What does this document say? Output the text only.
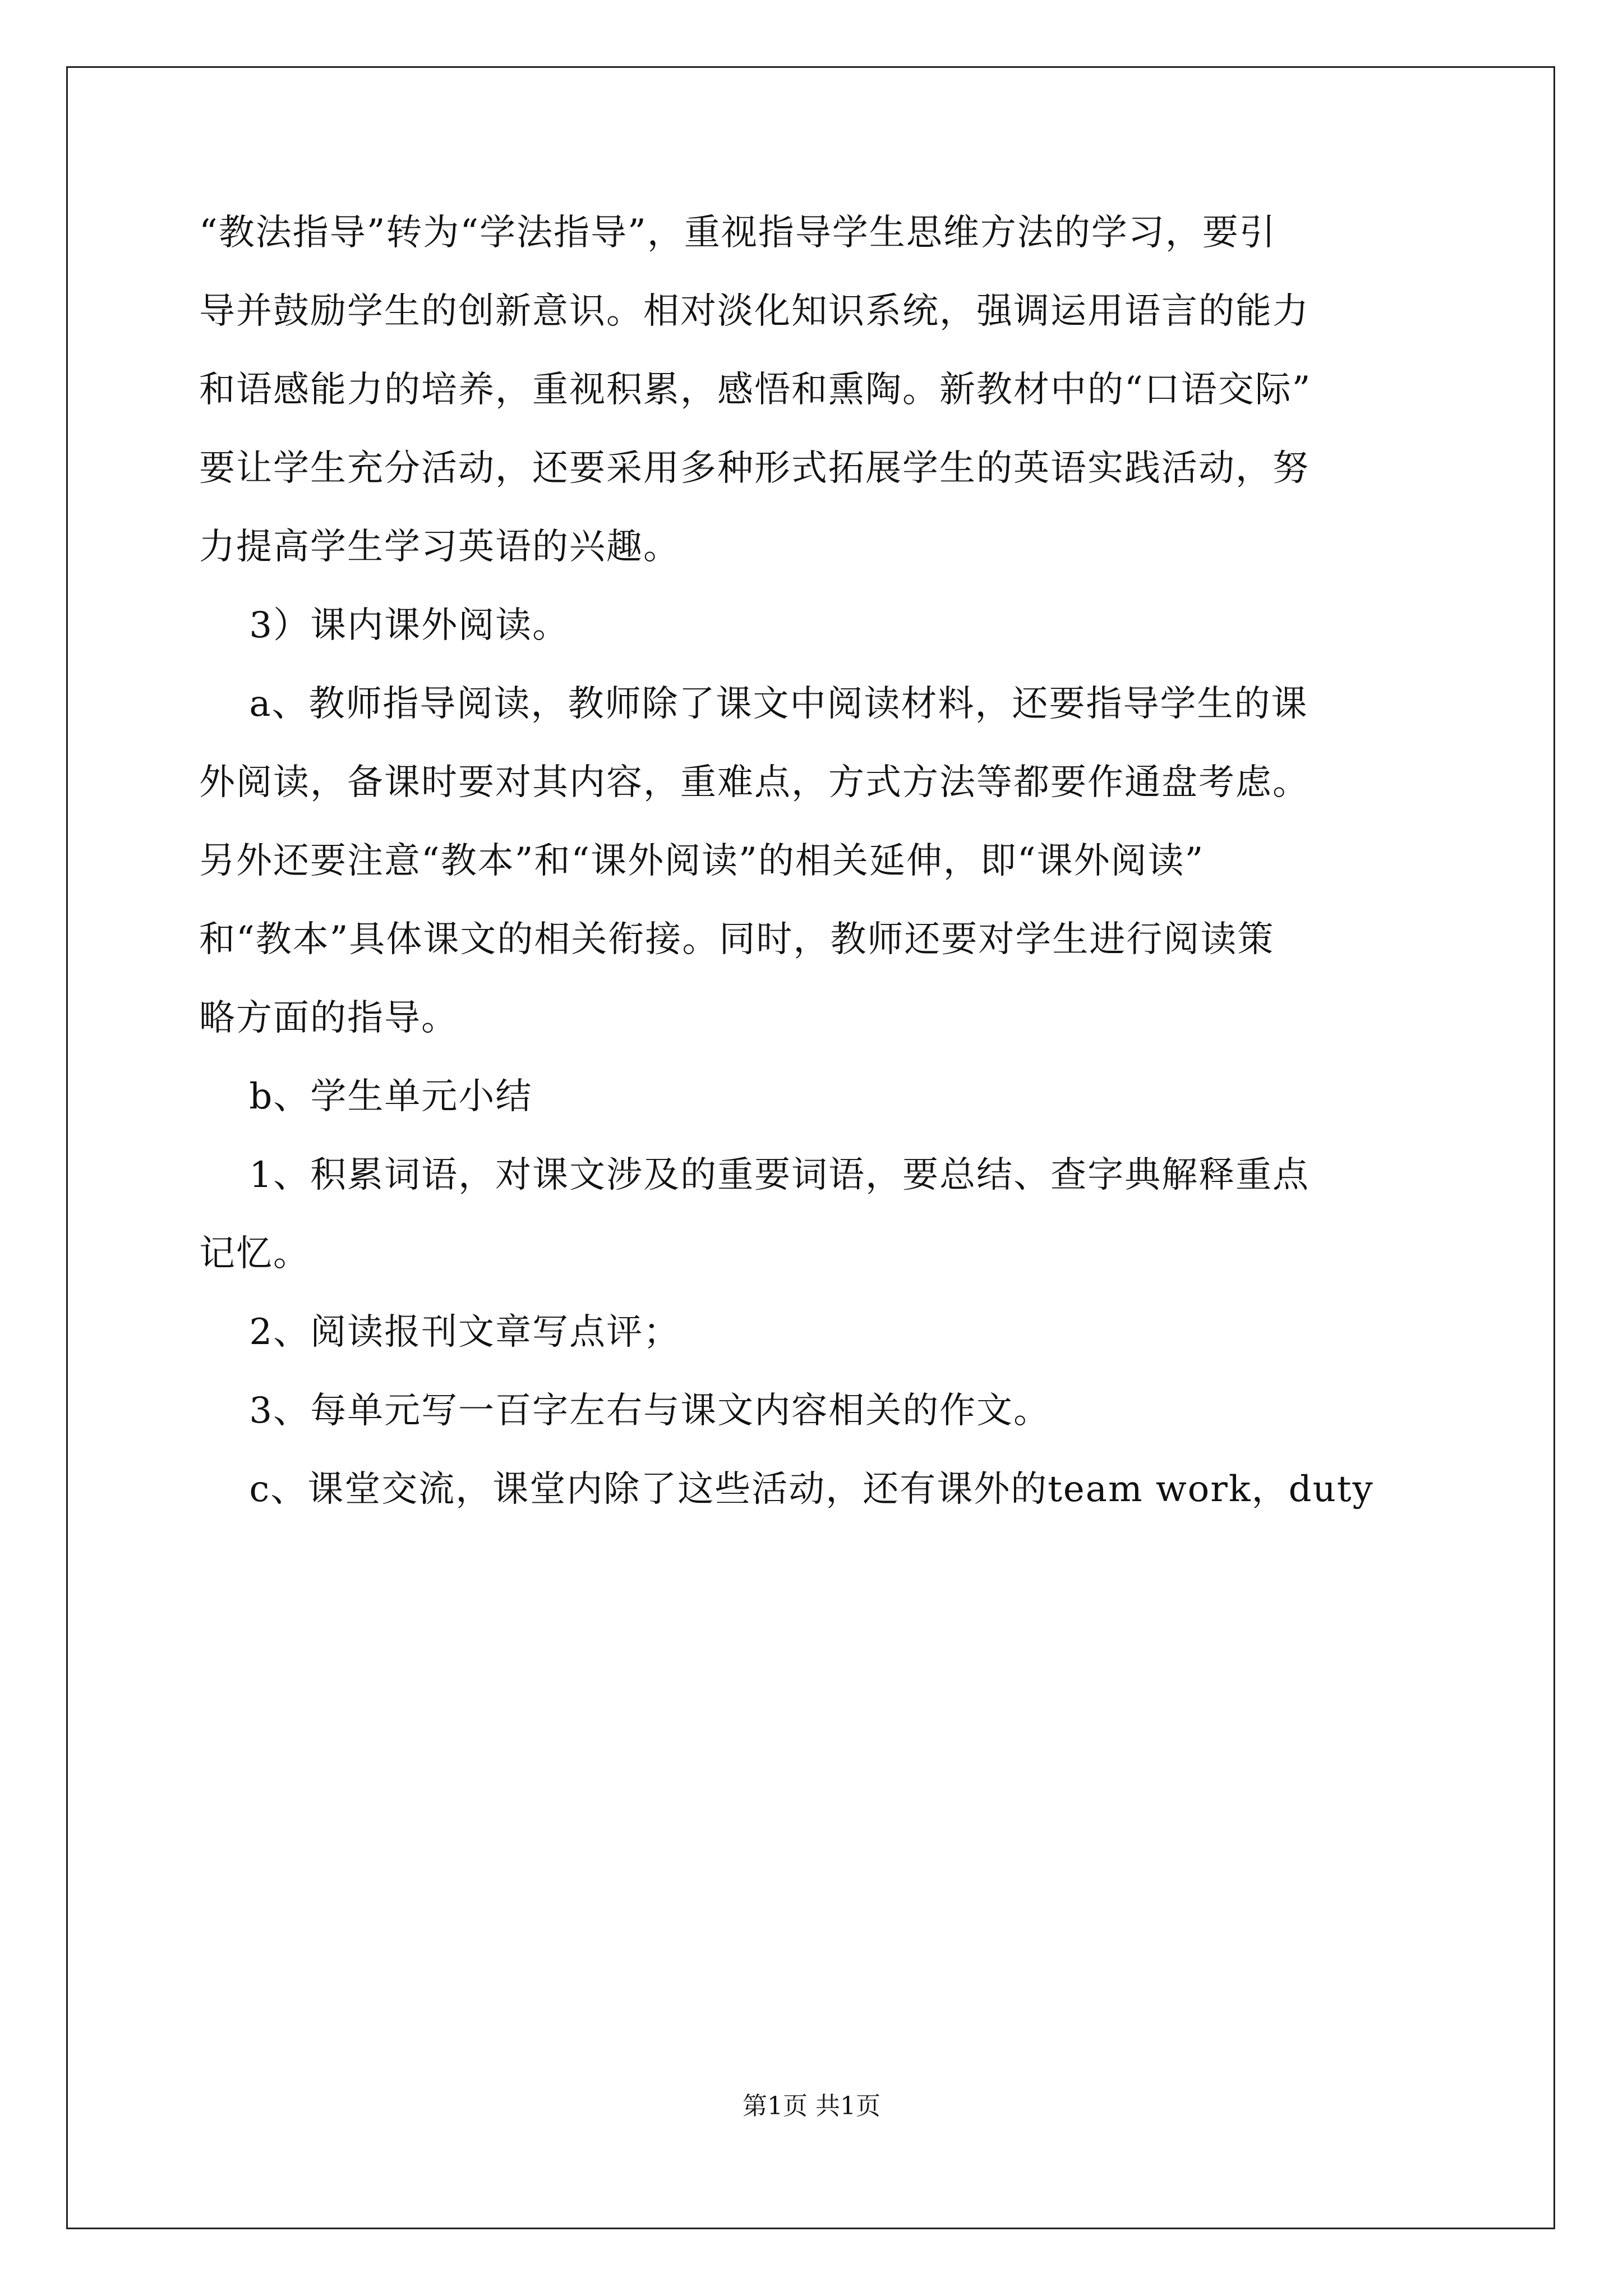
“教法指导”转为“学法指导”，重视指导学生思维方法的学习，要引
导并鼓励学生的创新意识。相对淡化知识系统，强调运用语言的能力
和语感能力的培养，重视积累，感悟和熏陶。新教材中的“口语交际”
要让学生充分活动，还要采用多种形式拓展学生的英语实践活动，努
力提高学生学习英语的兴趣。
3）课内课外阅读。
a、教师指导阅读，教师除了课文中阅读材料，还要指导学生的课
外阅读，备课时要对其内容，重难点，方式方法等都要作通盘考虑。
另外还要注意“教本”和“课外阅读”的相关延伸，即“课外阅读”
和“教本”具体课文的相关衔接。同时，教师还要对学生进行阅读策
略方面的指导。
b、学生单元小结
1、积累词语，对课文涉及的重要词语，要总结、查字典解释重点
记忆。
2、阅读报刊文章写点评；
3、每单元写一百字左右与课文内容相关的作文。
c、课堂交流，课堂内除了这些活动，还有课外的team work，duty
第1页 共1页
